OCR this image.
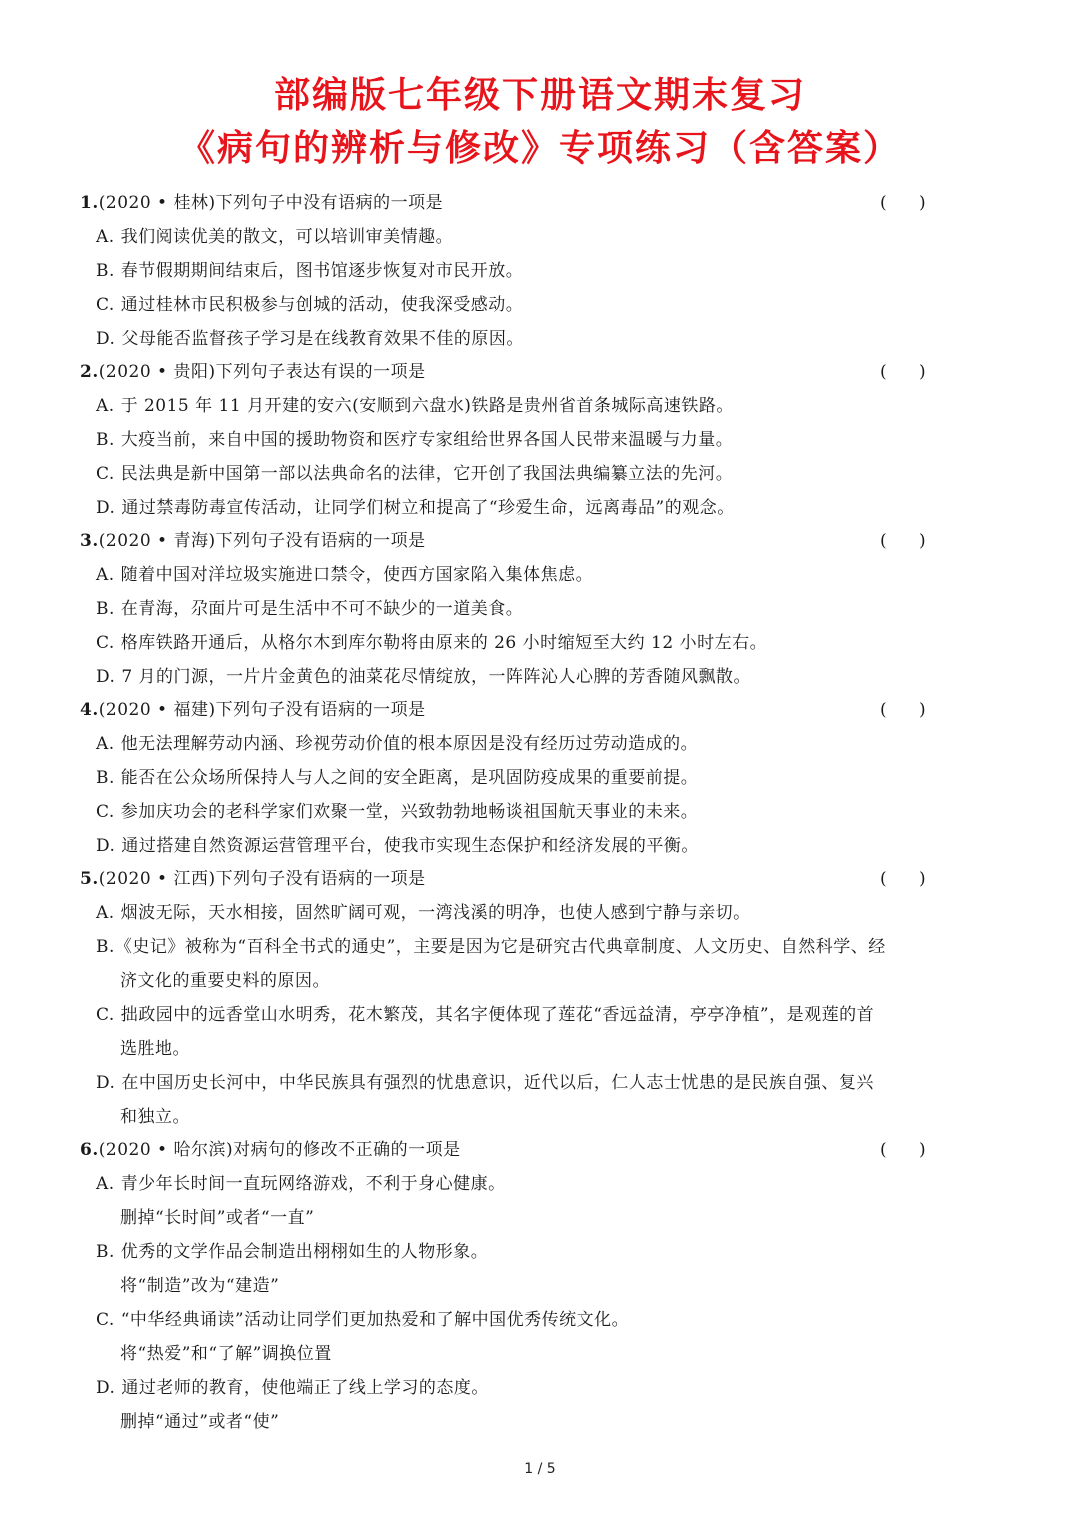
部编版七年级下册语文期末复习
《病句的辨析与修改》专项练习（含答案）
1.(2020 • 桂林)下列句子中没有语病的一项是	(      )
A. 我们阅读优美的散文，可以培训审美情趣。
B. 春节假期期间结束后，图书馆逐步恢复对市民开放。
C. 通过桂林市民积极参与创城的活动，使我深受感动。
D. 父母能否监督孩子学习是在线教育效果不佳的原因。
2.(2020 • 贵阳)下列句子表达有误的一项是	(      )
A. 于 2015 年 11 月开建的安六(安顺到六盘水)铁路是贵州省首条城际高速铁路。
B. 大疫当前，来自中国的援助物资和医疗专家组给世界各国人民带来温暖与力量。
C. 民法典是新中国第一部以法典命名的法律，它开创了我国法典编纂立法的先河。
D. 通过禁毒防毒宣传活动，让同学们树立和提高了“珍爱生命，远离毒品”的观念。
3.(2020 • 青海)下列句子没有语病的一项是	(      )
A. 随着中国对洋垃圾实施进口禁令，使西方国家陷入集体焦虑。
B. 在青海，尕面片可是生活中不可不缺少的一道美食。
C. 格库铁路开通后，从格尔木到库尔勒将由原来的 26 小时缩短至大约 12 小时左右。
D. 7 月的门源，一片片金黄色的油菜花尽情绽放，一阵阵沁人心脾的芳香随风飘散。
4.(2020 • 福建)下列句子没有语病的一项是	(      )
A. 他无法理解劳动内涵、珍视劳动价值的根本原因是没有经历过劳动造成的。
B. 能否在公众场所保持人与人之间的安全距离，是巩固防疫成果的重要前提。
C. 参加庆功会的老科学家们欢聚一堂，兴致勃勃地畅谈祖国航天事业的未来。
D. 通过搭建自然资源运营管理平台，使我市实现生态保护和经济发展的平衡。
5.(2020 • 江西)下列句子没有语病的一项是	(      )
A. 烟波无际，天水相接，固然旷阔可观，一湾浅溪的明净，也使人感到宁静与亲切。
B.《史记》被称为“百科全书式的通史”，主要是因为它是研究古代典章制度、人文历史、自然科学、经
济文化的重要史料的原因。
C. 拙政园中的远香堂山水明秀，花木繁茂，其名字便体现了莲花“香远益清，亭亭净植”，是观莲的首
选胜地。
D. 在中国历史长河中，中华民族具有强烈的忧患意识，近代以后，仁人志士忧患的是民族自强、复兴
和独立。
6.(2020 • 哈尔滨)对病句的修改不正确的一项是	(      )
A. 青少年长时间一直玩网络游戏，不利于身心健康。
删掉“长时间”或者“一直”
B. 优秀的文学作品会制造出栩栩如生的人物形象。
将“制造”改为“建造”
C. “中华经典诵读”活动让同学们更加热爱和了解中国优秀传统文化。
将“热爱”和“了解”调换位置
D. 通过老师的教育，使他端正了线上学习的态度。
删掉“通过”或者“使”
1 / 5
